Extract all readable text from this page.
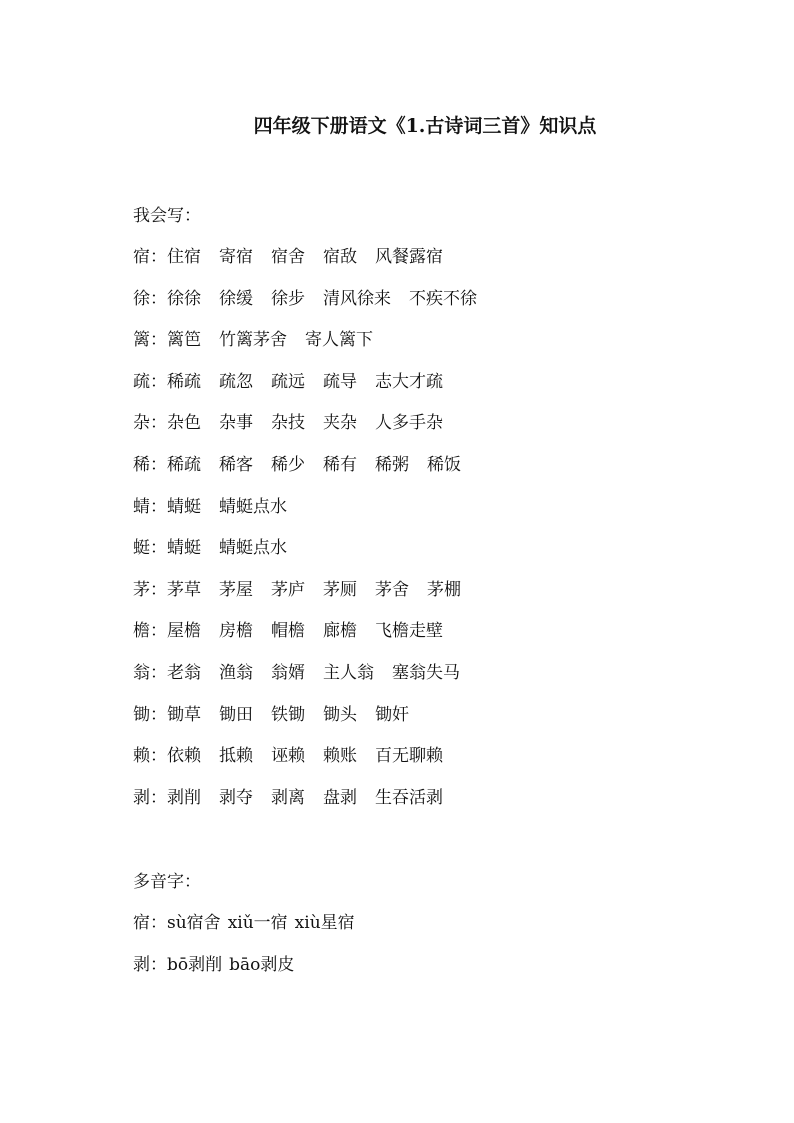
四年级下册语文《1.古诗词三首》知识点
我会写：
宿 ： 住宿 寄宿 宿舍 宿敌 风餐露宿
徐 ： 徐徐 徐缓 徐步 清风徐来 不疾不徐
篱 ： 篱笆 竹篱茅舍 寄人篱下
疏 ： 稀疏 疏忽 疏远 疏导 志大才疏
杂 ： 杂色 杂事 杂技 夹杂 人多手杂
稀 ： 稀疏 稀客 稀少 稀有 稀粥 稀饭
蜻 ： 蜻蜓 蜻蜓点水
蜓 ： 蜻蜓 蜻蜓点水
茅 ： 茅草 茅屋 茅庐 茅厕 茅舍 茅棚
檐 ： 屋檐 房檐 帽檐 廊檐 飞檐走壁
翁 ： 老翁 渔翁 翁婿 主人翁 塞翁失马
锄 ： 锄草 锄田 铁锄 锄头 锄奸
赖 ： 依赖 抵赖 诬赖 赖账 百无聊赖
剥 ： 剥削 剥夺 剥离 盘剥 生吞活剥
多音字：
宿 ： sù宿舍 xiǔ一宿 xiù星宿
剥 ： bō剥削 bāo剥皮
